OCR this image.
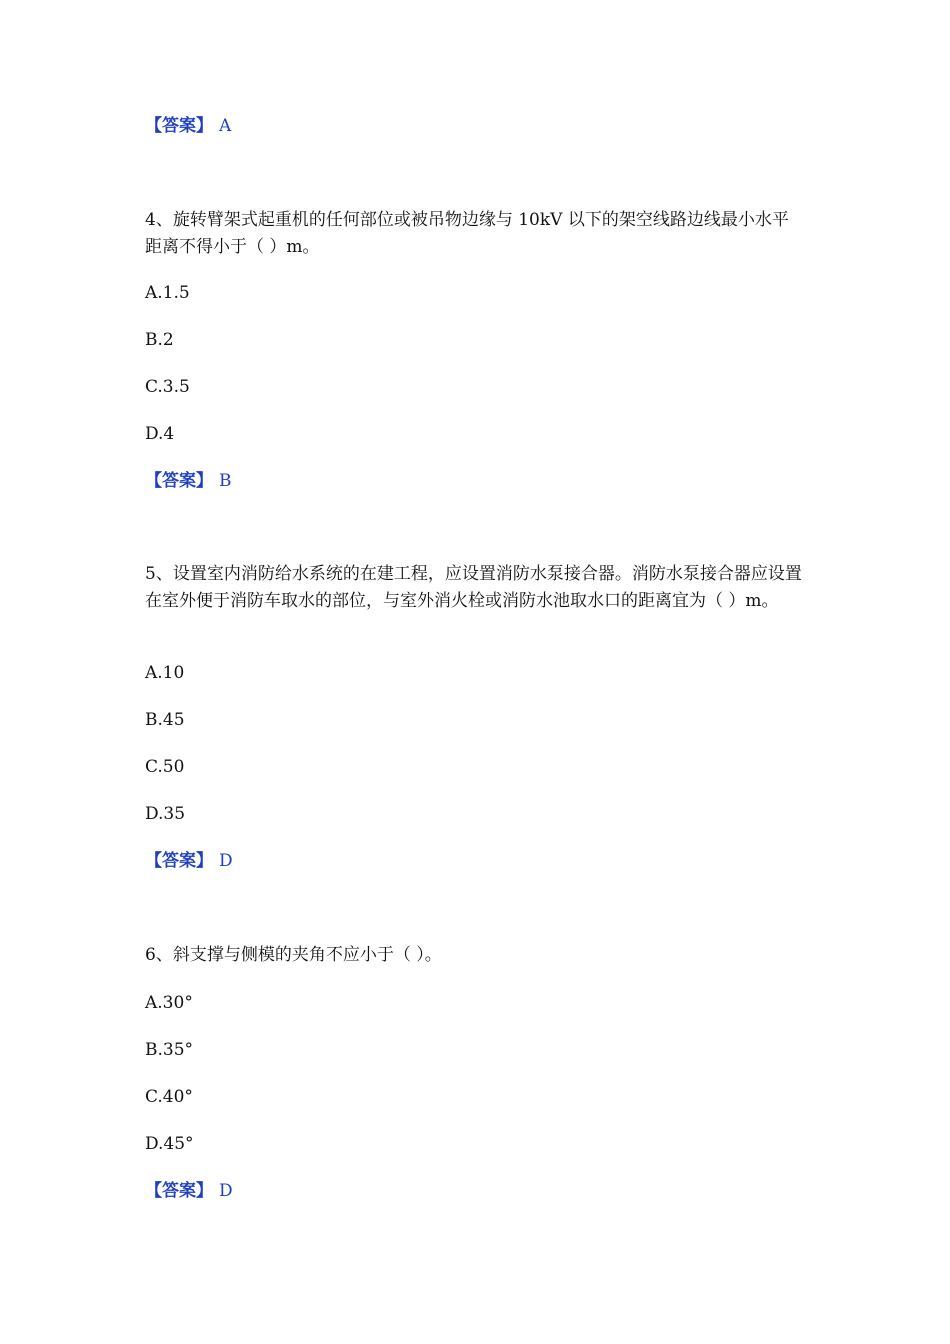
【答案】 A
4、旋转臂架式起重机的任何部位或被吊物边缘与 10kV 以下的架空线路边线最小水平距离不得小于（ ）m。
A.1.5
B.2
C.3.5
D.4
【答案】 B
5、设置室内消防给水系统的在建工程，应设置消防水泵接合器。消防水泵接合器应设置在室外便于消防车取水的部位，与室外消火栓或消防水池取水口的距离宜为（ ）m。
A.10
B.45
C.50
D.35
【答案】 D
6、斜支撑与侧模的夹角不应小于（ ）。
A.30°
B.35°
C.40°
D.45°
【答案】 D
